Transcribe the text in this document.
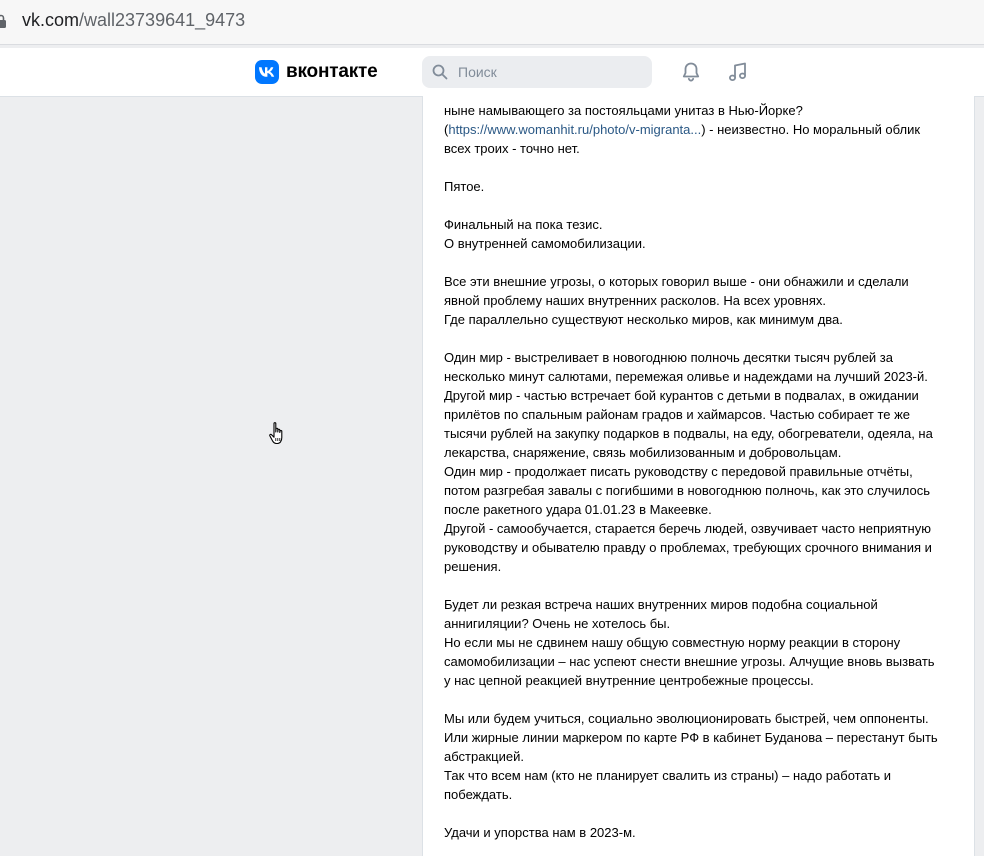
vk.com/wall23739641_9473
вконтакте
Поиск
ныне намывающего за постояльцами унитаз в Нью-Йорке?
(https://www.womanhit.ru/photo/v-migranta...) - неизвестно. Но моральный облик
всех троих - точно нет.
Пятое.
Финальный на пока тезис.
О внутренней самомобилизации.
Все эти внешние угрозы, о которых говорил выше - они обнажили и сделали
явной проблему наших внутренних расколов. На всех уровнях.
Где параллельно существуют несколько миров, как минимум два.
Один мир - выстреливает в новогоднюю полночь десятки тысяч рублей за
несколько минут салютами, перемежая оливье и надеждами на лучший 2023-й.
Другой мир - частью встречает бой курантов с детьми в подвалах, в ожидании
прилётов по спальным районам градов и хаймарсов. Частью собирает те же
тысячи рублей на закупку подарков в подвалы, на еду, обогреватели, одеяла, на
лекарства, снаряжение, связь мобилизованным и добровольцам.
Один мир - продолжает писать руководству с передовой правильные отчёты,
потом разгребая завалы с погибшими в новогоднюю полночь, как это случилось
после ракетного удара 01.01.23 в Макеевке.
Другой - самообучается, старается беречь людей, озвучивает часто неприятную
руководству и обывателю правду о проблемах, требующих срочного внимания и
решения.
Будет ли резкая встреча наших внутренних миров подобна социальной
аннигиляции? Очень не хотелось бы.
Но если мы не сдвинем нашу общую совместную норму реакции в сторону
самомобилизации – нас успеют снести внешние угрозы. Алчущие вновь вызвать
у нас цепной реакцией внутренние центробежные процессы.
Мы или будем учиться, социально эволюционировать быстрей, чем оппоненты.
Или жирные линии маркером по карте РФ в кабинет Буданова – перестанут быть
абстракцией.
Так что всем нам (кто не планирует свалить из страны) – надо работать и
побеждать.
Удачи и упорства нам в 2023-м.
